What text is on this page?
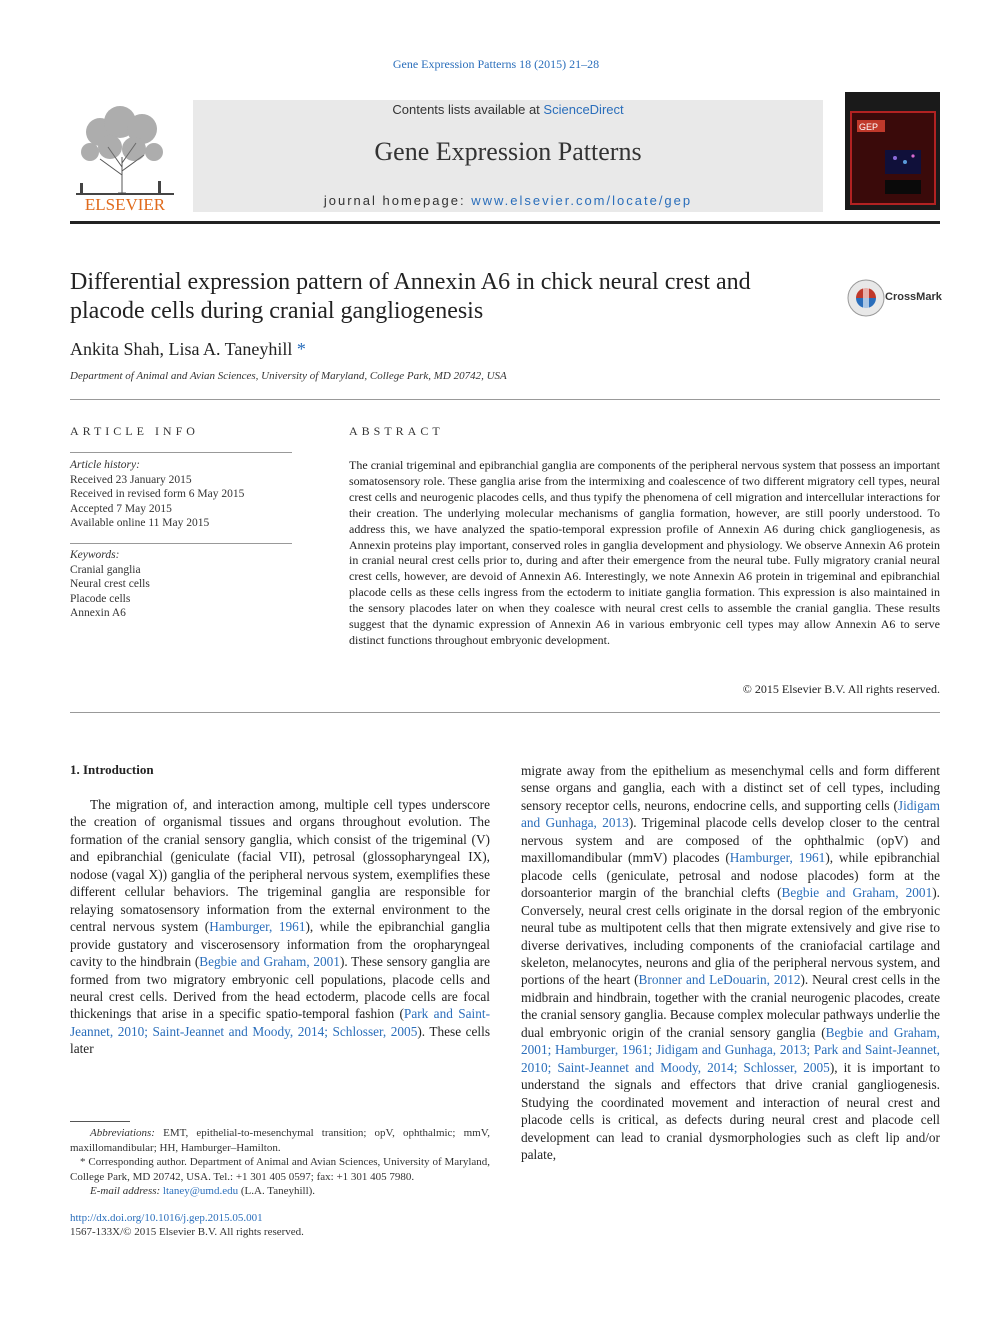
Gene Expression Patterns 18 (2015) 21–28
ELSEVIER
Contents lists available at ScienceDirect
Gene Expression Patterns
journal homepage: www.elsevier.com/locate/gep
GEP
Differential expression pattern of Annexin A6 in chick neural crest and placode cells during cranial gangliogenesis
CrossMark
Ankita Shah, Lisa A. Taneyhill *
Department of Animal and Avian Sciences, University of Maryland, College Park, MD 20742, USA
ARTICLE INFO
Article history:
Received 23 January 2015
Received in revised form 6 May 2015
Accepted 7 May 2015
Available online 11 May 2015
Keywords:
Cranial ganglia
Neural crest cells
Placode cells
Annexin A6
ABSTRACT
The cranial trigeminal and epibranchial ganglia are components of the peripheral nervous system that possess an important somatosensory role. These ganglia arise from the intermixing and coalescence of two different migratory cell types, neural crest cells and neurogenic placodes cells, and thus typify the phenomena of cell migration and intercellular interactions for their creation. The underlying molecular mechanisms of ganglia formation, however, are still poorly understood. To address this, we have analyzed the spatio-temporal expression profile of Annexin A6 during chick gangliogenesis, as Annexin proteins play important, conserved roles in ganglia development and physiology. We observe Annexin A6 protein in cranial neural crest cells prior to, during and after their emergence from the neural tube. Fully migratory cranial neural crest cells, however, are devoid of Annexin A6. Interestingly, we note Annexin A6 protein in trigeminal and epibranchial placode cells as these cells ingress from the ectoderm to initiate ganglia formation. This expression is also maintained in the sensory placodes later on when they coalesce with neural crest cells to assemble the cranial ganglia. These results suggest that the dynamic expression of Annexin A6 in various embryonic cell types may allow Annexin A6 to serve distinct functions throughout embryonic development.
© 2015 Elsevier B.V. All rights reserved.
1. Introduction
The migration of, and interaction among, multiple cell types underscore the creation of organismal tissues and organs throughout evolution. The formation of the cranial sensory ganglia, which consist of the trigeminal (V) and epibranchial (geniculate (facial VII), petrosal (glossopharyngeal IX), nodose (vagal X)) ganglia of the peripheral nervous system, exemplifies these different cellular behaviors. The trigeminal ganglia are responsible for relaying somatosensory information from the external environment to the central nervous system (Hamburger, 1961), while the epibranchial ganglia provide gustatory and viscerosensory information from the oropharyngeal cavity to the hindbrain (Begbie and Graham, 2001). These sensory ganglia are formed from two migratory embryonic cell populations, placode cells and neural crest cells. Derived from the head ectoderm, placode cells are focal thickenings that arise in a specific spatio-temporal fashion (Park and Saint-Jeannet, 2010; Saint-Jeannet and Moody, 2014; Schlosser, 2005). These cells later
migrate away from the epithelium as mesenchymal cells and form different sense organs and ganglia, each with a distinct set of cell types, including sensory receptor cells, neurons, endocrine cells, and supporting cells (Jidigam and Gunhaga, 2013). Trigeminal placode cells develop closer to the central nervous system and are composed of the ophthalmic (opV) and maxillomandibular (mmV) placodes (Hamburger, 1961), while epibranchial placode cells (geniculate, petrosal and nodose placodes) form at the dorsoanterior margin of the branchial clefts (Begbie and Graham, 2001). Conversely, neural crest cells originate in the dorsal region of the embryonic neural tube as multipotent cells that then migrate extensively and give rise to diverse derivatives, including components of the craniofacial cartilage and skeleton, melanocytes, neurons and glia of the peripheral nervous system, and portions of the heart (Bronner and LeDouarin, 2012). Neural crest cells in the midbrain and hindbrain, together with the cranial neurogenic placodes, create the cranial sensory ganglia. Because complex molecular pathways underlie the dual embryonic origin of the cranial sensory ganglia (Begbie and Graham, 2001; Hamburger, 1961; Jidigam and Gunhaga, 2013; Park and Saint-Jeannet, 2010; Saint-Jeannet and Moody, 2014; Schlosser, 2005), it is important to understand the signals and effectors that drive cranial gangliogenesis. Studying the coordinated movement and interaction of neural crest and placode cells is critical, as defects during neural crest and placode cell development can lead to cranial dysmorphologies such as cleft lip and/or palate,
Abbreviations: EMT, epithelial-to-mesenchymal transition; opV, ophthalmic; mmV, maxillomandibular; HH, Hamburger–Hamilton.
* Corresponding author. Department of Animal and Avian Sciences, University of Maryland, College Park, MD 20742, USA. Tel.: +1 301 405 0597; fax: +1 301 405 7980.
E-mail address: ltaney@umd.edu (L.A. Taneyhill).
http://dx.doi.org/10.1016/j.gep.2015.05.001
1567-133X/© 2015 Elsevier B.V. All rights reserved.
